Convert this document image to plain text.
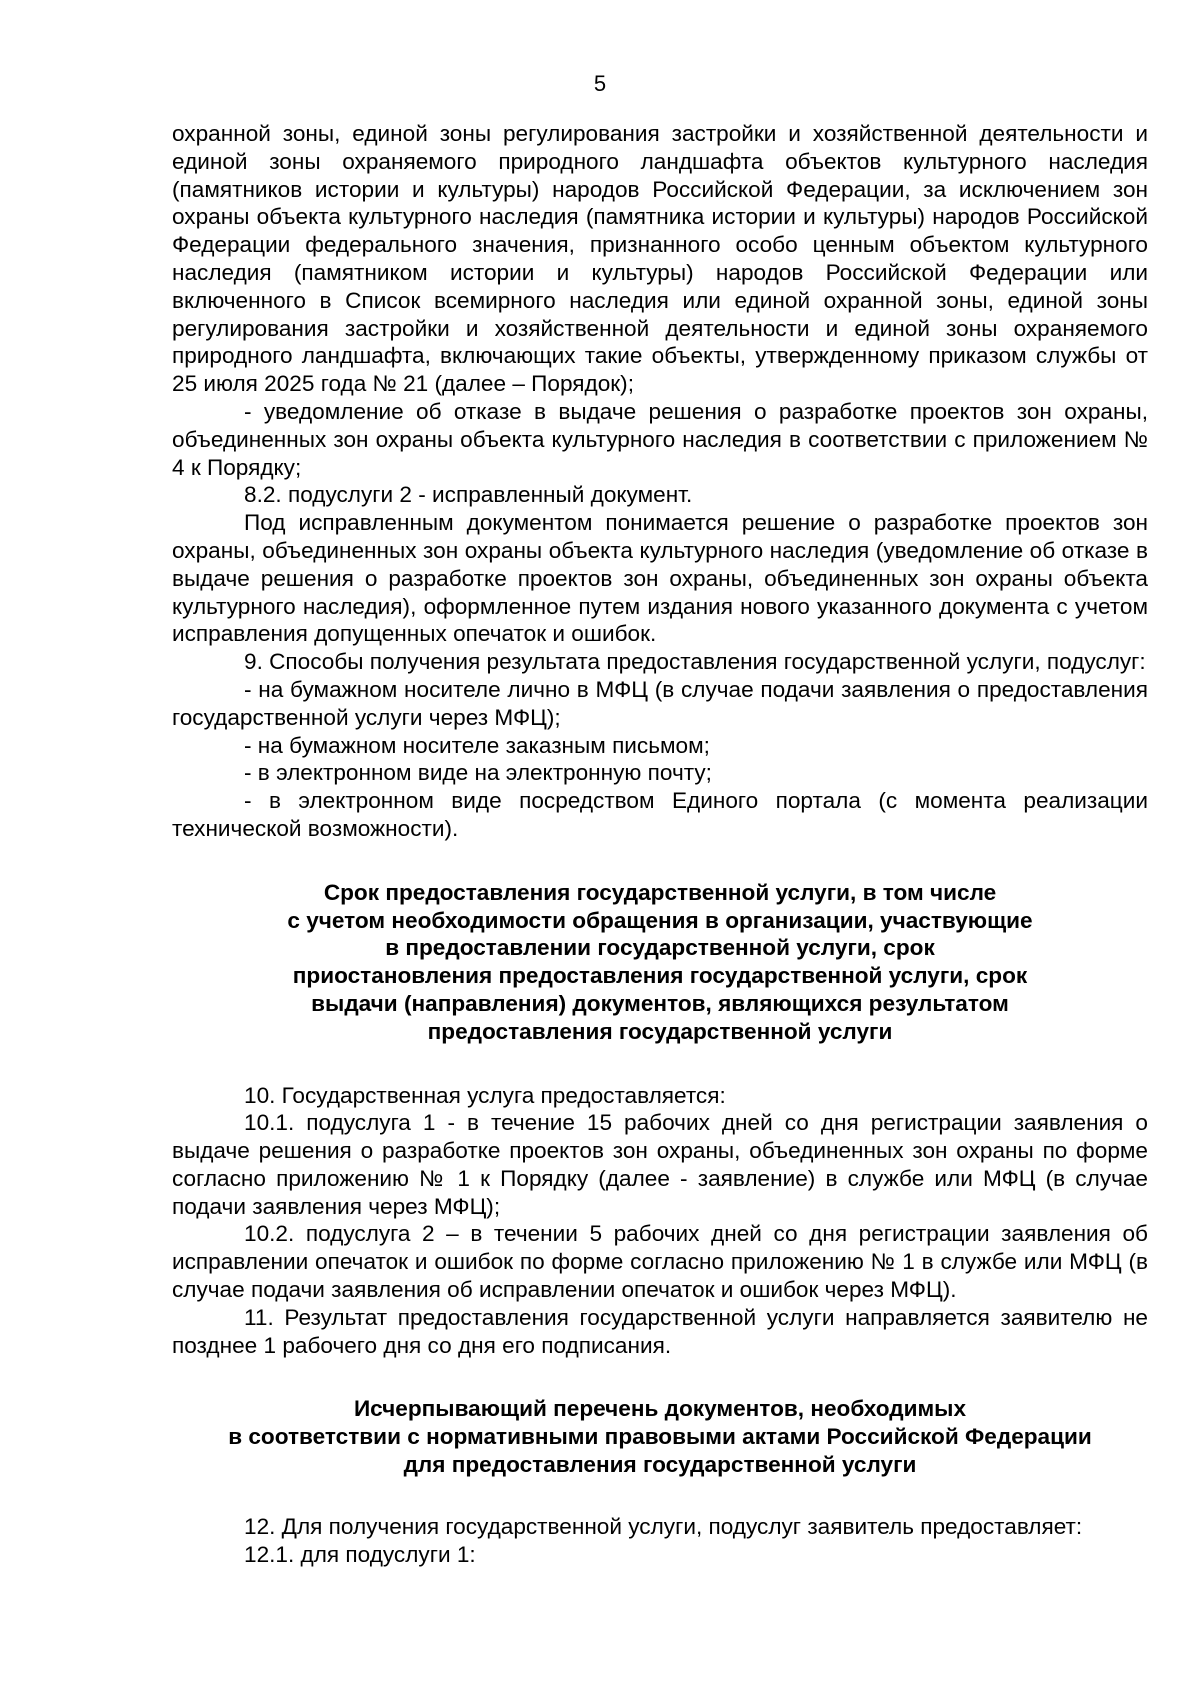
5

охранной зоны, единой зоны регулирования застройки и хозяйственной деятельности и единой зоны охраняемого природного ландшафта объектов культурного наследия (памятников истории и культуры) народов Российской Федерации, за исключением зон охраны объекта культурного наследия (памятника истории и культуры) народов Российской Федерации федерального значения, признанного особо ценным объектом культурного наследия (памятником истории и культуры) народов Российской Федерации или включенного в Список всемирного наследия или единой охранной зоны, единой зоны регулирования застройки и хозяйственной деятельности и единой зоны охраняемого природного ландшафта, включающих такие объекты, утвержденному приказом службы от 25 июля 2025 года № 21 (далее – Порядок);

- уведомление об отказе в выдаче решения о разработке проектов зон охраны, объединенных зон охраны объекта культурного наследия в соответствии с приложением № 4 к Порядку;

8.2. подуслуги 2 - исправленный документ.

Под исправленным документом понимается решение о разработке проектов зон охраны, объединенных зон охраны объекта культурного наследия (уведомление об отказе в выдаче решения о разработке проектов зон охраны, объединенных зон охраны объекта культурного наследия), оформленное путем издания нового указанного документа с учетом исправления допущенных опечаток и ошибок.

9. Способы получения результата предоставления государственной услуги, подуслуг:

- на бумажном носителе лично в МФЦ (в случае подачи заявления о предоставления государственной услуги через МФЦ);

- на бумажном носителе заказным письмом;

- в электронном виде на электронную почту;

- в электронном виде посредством Единого портала (с момента реализации технической возможности).

Срок предоставления государственной услуги, в том числе
с учетом необходимости обращения в организации, участвующие
в предоставлении государственной услуги, срок
приостановления предоставления государственной услуги, срок
выдачи (направления) документов, являющихся результатом
предоставления государственной услуги

10. Государственная услуга предоставляется:

10.1. подуслуга 1 - в течение 15 рабочих дней со дня регистрации заявления о выдаче решения о разработке проектов зон охраны, объединенных зон охраны по форме согласно приложению № 1 к Порядку (далее - заявление) в службе или МФЦ (в случае подачи заявления через МФЦ);

10.2. подуслуга 2 – в течении 5 рабочих дней со дня регистрации заявления об исправлении опечаток и ошибок по форме согласно приложению № 1 в службе или МФЦ (в случае подачи заявления об исправлении опечаток и ошибок через МФЦ).

11. Результат предоставления государственной услуги направляется заявителю не позднее 1 рабочего дня со дня его подписания.

Исчерпывающий перечень документов, необходимых
в соответствии с нормативными правовыми актами Российской Федерации
для предоставления государственной услуги

12. Для получения государственной услуги, подуслуг заявитель предоставляет:

12.1. для подуслуги 1:
